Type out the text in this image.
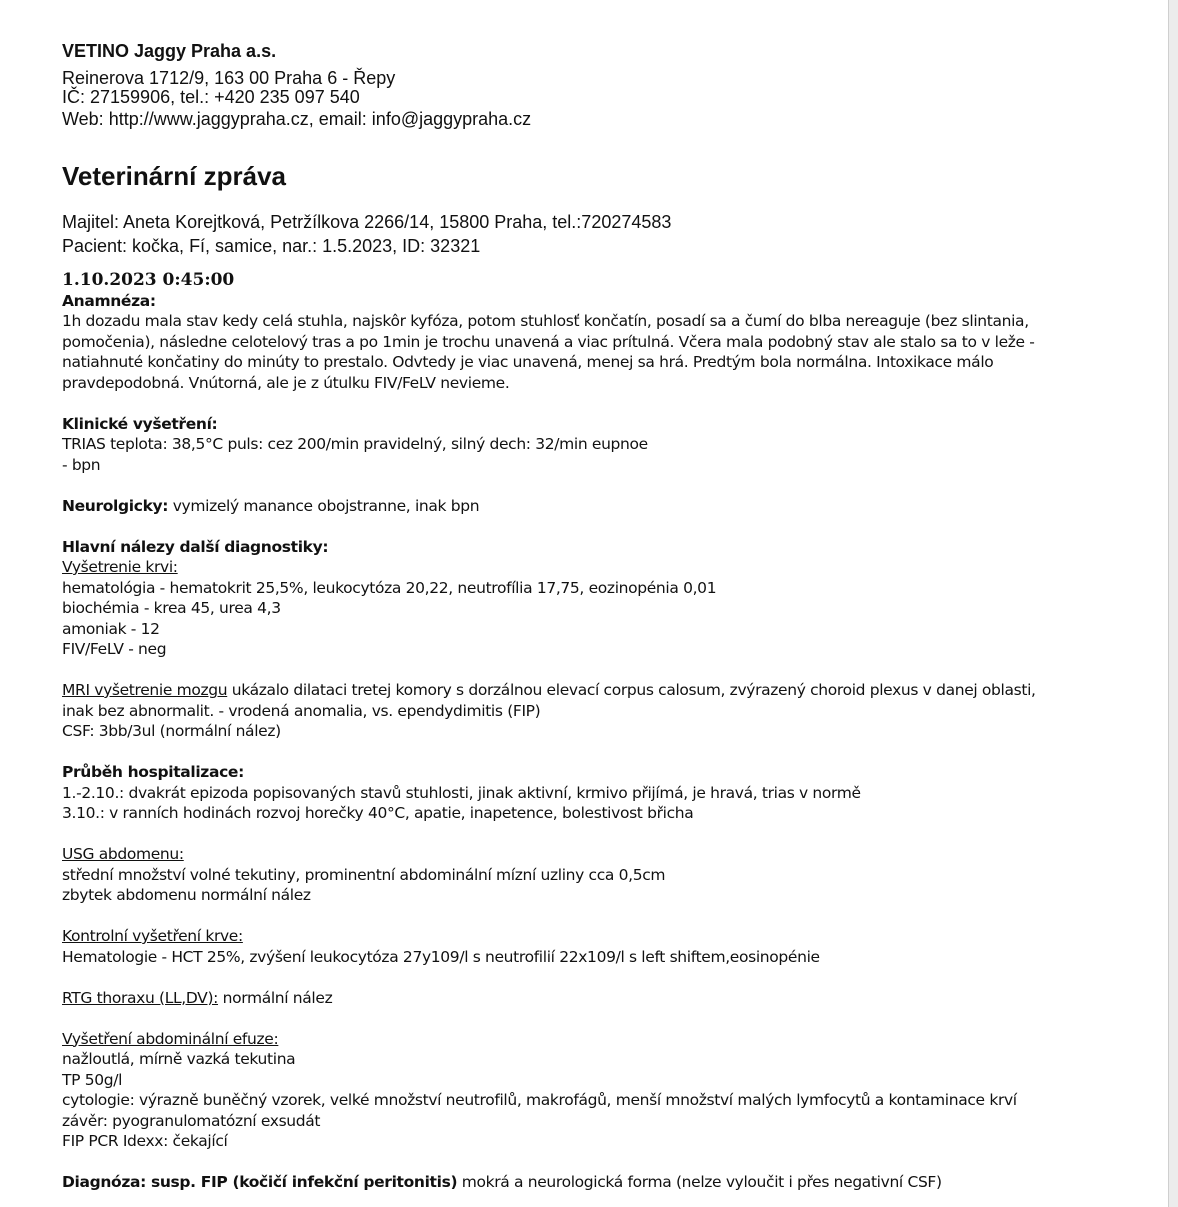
VETINO Jaggy Praha a.s.
Reinerova 1712/9, 163 00 Praha 6 - Řepy
IČ: 27159906, tel.: +420 235 097 540
Web: http://www.jaggypraha.cz, email: info@jaggypraha.cz
Veterinární zpráva
Majitel: Aneta Korejtková, Petržílkova 2266/14, 15800 Praha, tel.:720274583
Pacient: kočka, Fí, samice, nar.: 1.5.2023, ID: 32321

1.10.2023 0:45:00

Anamnéza:

1h dozadu mala stav kedy celá stuhla, najskôr kyfóza, potom stuhlosť končatín, posadí sa a čumí do blba nereaguje (bez slintania,

pomočenia), následne celotelový tras a po 1min je trochu unavená a viac prítulná. Včera mala podobný stav ale stalo sa to v leže -

natiahnuté končatiny do minúty to prestalo. Odvtedy je viac unavená, menej sa hrá. Predtým bola normálna. Intoxikace málo

pravdepodobná. Vnútorná, ale je z útulku FIV/FeLV nevieme.

Klinické vyšetření:

TRIAS teplota: 38,5°C puls: cez 200/min pravidelný, silný dech: 32/min eupnoe

- bpn

Neurolgicky: vymizelý manance obojstranne, inak bpn

Hlavní nálezy další diagnostiky:

Vyšetrenie krvi:

hematológia - hematokrit 25,5%, leukocytóza 20,22, neutrofília 17,75, eozinopénia 0,01

biochémia - krea 45, urea 4,3

amoniak - 12

FIV/FeLV - neg

MRI vyšetrenie mozgu ukázalo dilataci tretej komory s dorzálnou elevací corpus calosum, zvýrazený choroid plexus v danej oblasti,

inak bez abnormalit. - vrodená anomalia, vs. ependydimitis (FIP)

CSF: 3bb/3ul (normální nález)

Průběh hospitalizace:

1.-2.10.: dvakrát epizoda popisovaných stavů stuhlosti, jinak aktivní, krmivo přijímá, je hravá, trias v normě

3.10.: v ranních hodinách rozvoj horečky 40°C, apatie, inapetence, bolestivost břicha

USG abdomenu:

střední množství volné tekutiny, prominentní abdominální mízní uzliny cca 0,5cm

zbytek abdomenu normální nález

Kontrolní vyšetření krve:

Hematologie - HCT 25%, zvýšení leukocytóza 27y109/l s neutrofilií 22x109/l s left shiftem,eosinopénie

RTG thoraxu (LL,DV): normální nález

Vyšetření abdominální efuze:

nažloutlá, mírně vazká tekutina

TP 50g/l

cytologie: výrazně buněčný vzorek, velké množství neutrofilů, makrofágů, menší množství malých lymfocytů a kontaminace krví

závěr: pyogranulomatózní exsudát

FIP PCR Idexx: čekající

Diagnóza: susp. FIP (kočičí infekční peritonitis) mokrá a neurologická forma (nelze vyloučit i přes negativní CSF)
